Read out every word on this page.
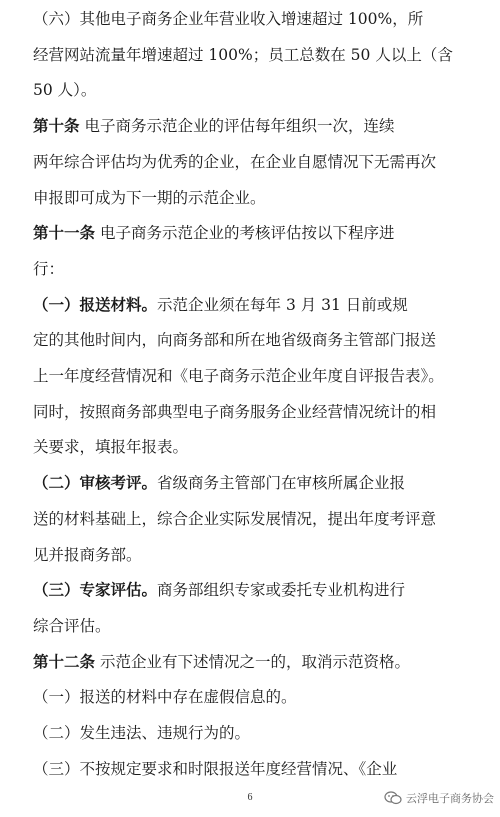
（六）其他电子商务企业年营业收入增速超过 100%，所
经营网站流量年增速超过 100%；员工总数在 50 人以上（含
50 人）。
第十条 电子商务示范企业的评估每年组织一次，连续
两年综合评估均为优秀的企业，在企业自愿情况下无需再次
申报即可成为下一期的示范企业。
第十一条 电子商务示范企业的考核评估按以下程序进
行：
（一）报送材料。示范企业须在每年 3 月 31 日前或规
定的其他时间内，向商务部和所在地省级商务主管部门报送
上一年度经营情况和《电子商务示范企业年度自评报告表》。
同时，按照商务部典型电子商务服务企业经营情况统计的相
关要求，填报年报表。
（二）审核考评。省级商务主管部门在审核所属企业报
送的材料基础上，综合企业实际发展情况，提出年度考评意
见并报商务部。
（三）专家评估。商务部组织专家或委托专业机构进行
综合评估。
第十二条 示范企业有下述情况之一的，取消示范资格。
（一）报送的材料中存在虚假信息的。
（二）发生违法、违规行为的。
（三）不按规定要求和时限报送年度经营情况、《企业
6	云浮电子商务协会
